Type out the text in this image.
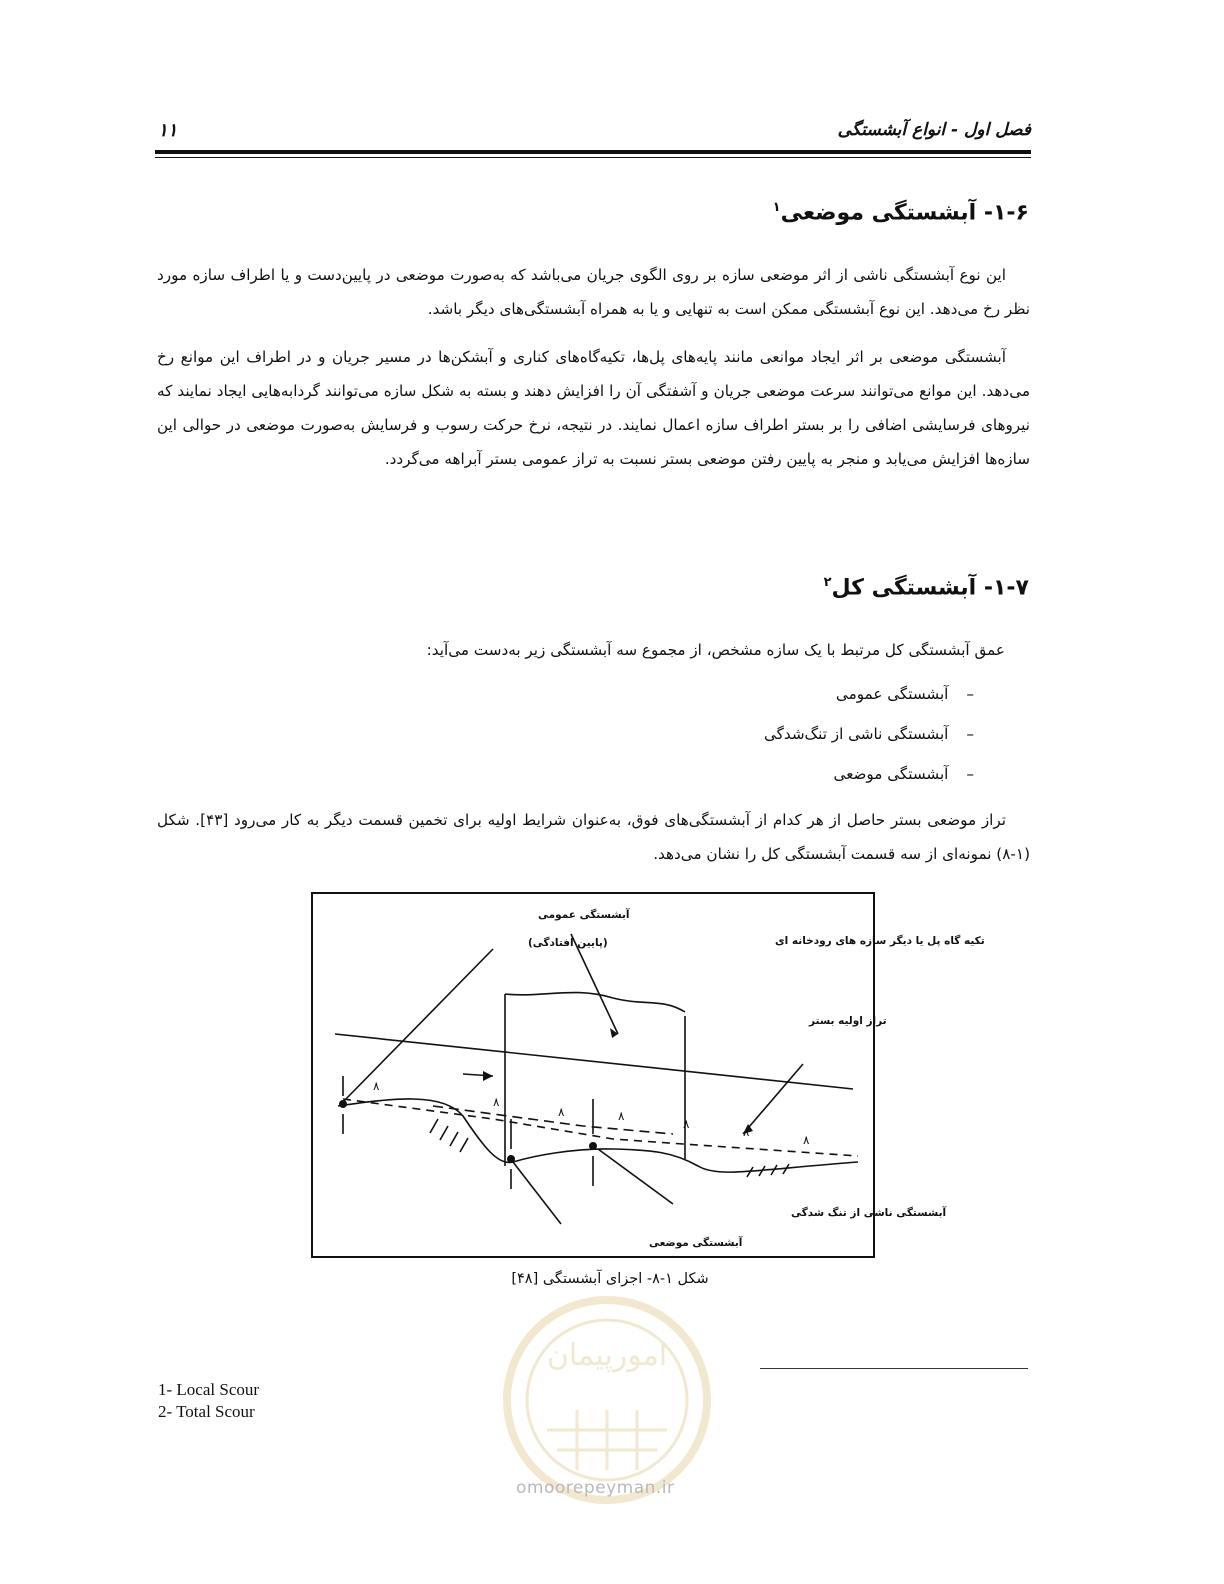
فصل اول - انواع آبشستگی
۱۱
۱-۶- آبشستگی موضعی$^۱$
این نوع آبشستگی ناشی از اثر موضعی سازه بر روی الگوی جریان می‌باشد که به‌صورت موضعی در پایین‌دست و یا اطراف سازه مورد نظر رخ می‌دهد. این نوع آبشستگی ممکن است به تنهایی و یا به همراه آبشستگی‌های دیگر باشد.
آبشستگی موضعی بر اثر ایجاد موانعی مانند پایه‌های پل‌ها، تکیه‌گاه‌های کناری و آبشکن‌ها در مسیر جریان و در اطراف این موانع رخ می‌دهد. این موانع می‌توانند سرعت موضعی جریان و آشفتگی آن را افزایش دهند و بسته به شکل سازه می‌توانند گردابه‌هایی ایجاد نمایند که نیروهای فرسایشی اضافی را بر بستر اطراف سازه اعمال نمایند. در نتیجه، نرخ حرکت رسوب و فرسایش به‌صورت موضعی در حوالی این سازه‌ها افزایش می‌یابد و منجر به پایین رفتن موضعی بستر نسبت به تراز عمومی بستر آبراهه می‌گردد.
۱-۷- آبشستگی کل$^۲$
عمق آبشستگی کل مرتبط با یک سازه مشخص، از مجموع سه آبشستگی زیر به‌دست می‌آید:
–آبشستگی عمومی
–آبشستگی ناشی از تنگ‌شدگی
–آبشستگی موضعی
تراز موضعی بستر حاصل از هر کدام از آبشستگی‌های فوق، به‌عنوان شرایط اولیه برای تخمین قسمت دیگر به کار می‌رود [۴۳]. شکل (۱-۸) نمونه‌ای از سه قسمت آبشستگی کل را نشان می‌دهد.
٨
٨
٨	٨
٨
٨
٨
آبشستگی عمومی
(پایین افتادگی)	تکیه گاه پل یا دیگر سازه های رودخانه ای
تراز اولیه بستر
آبشستگی ناشی از تنگ شدگی
آبشستگی موضعی
شکل ۱-۸- اجزای آبشستگی [۴۸]
امورپیمان
omoorepeyman.ir
1- Local Scour
2- Total Scour
